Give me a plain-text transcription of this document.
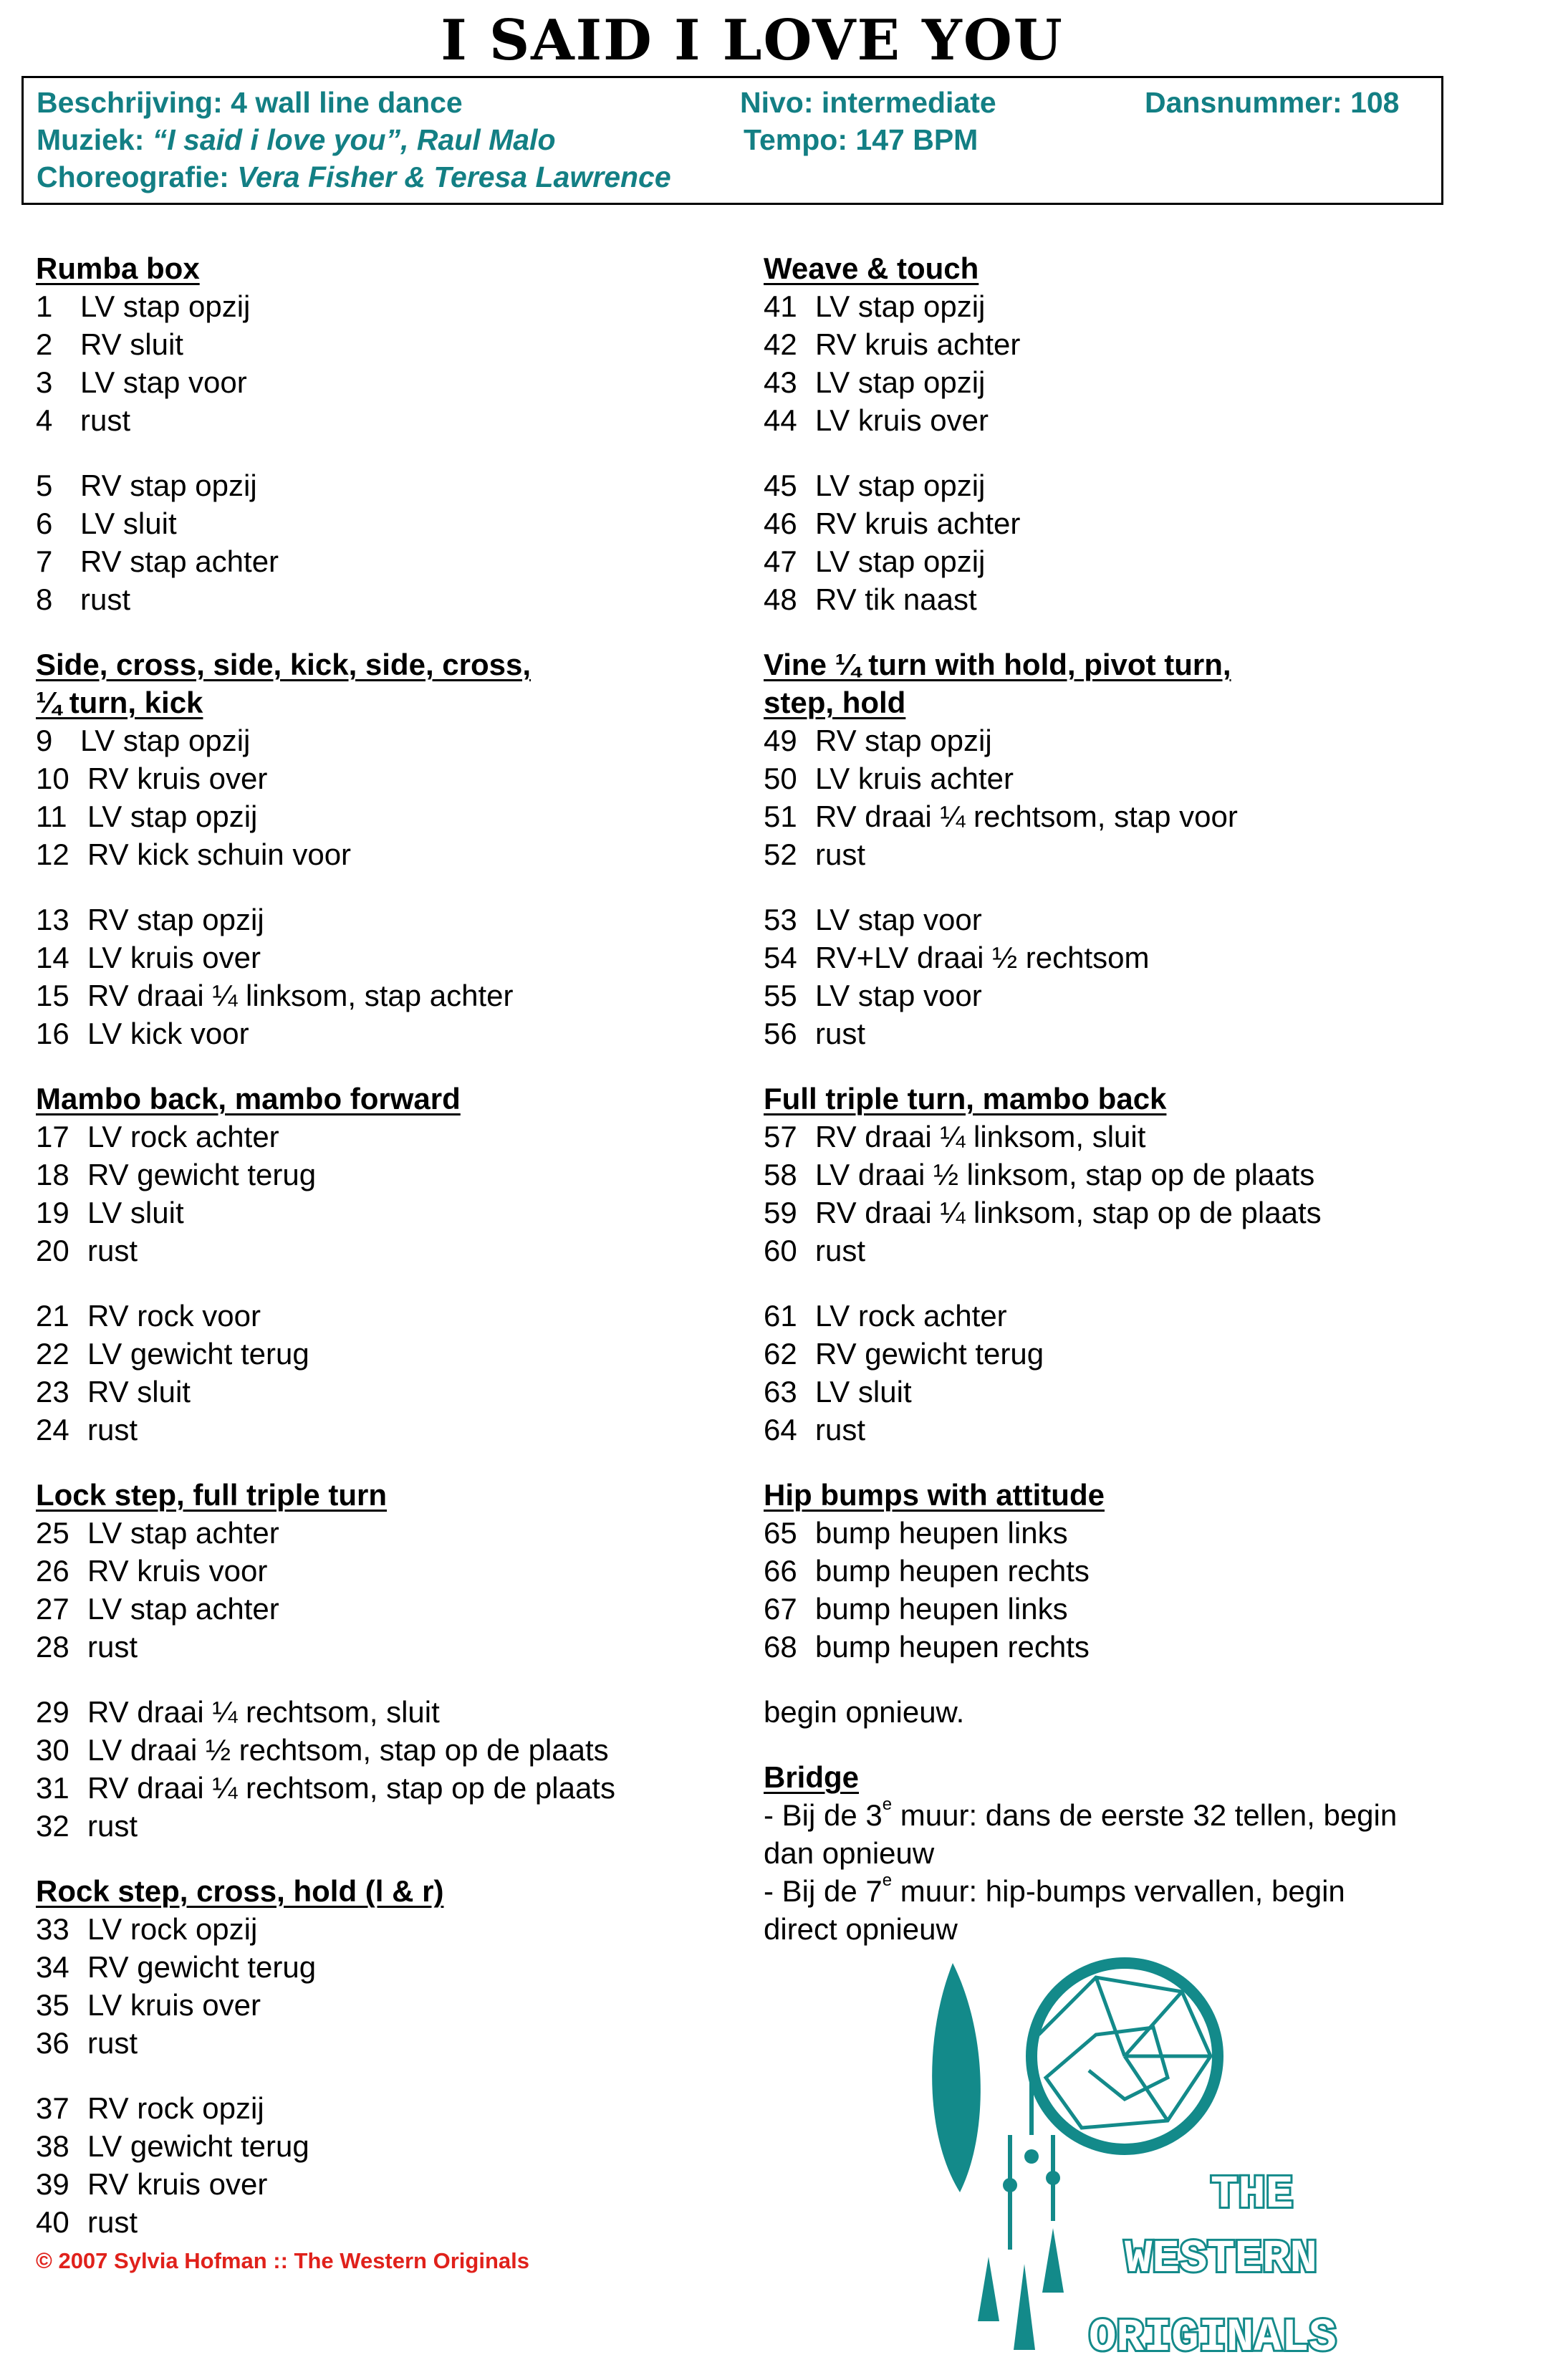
I SAID I LOVE YOU
Beschrijving: 4 wall line dance	Nivo: intermediate	Dansnummer: 108
Muziek: “I said i love you”, Raul Malo	Tempo: 147 BPM
Choreografie: Vera Fisher & Teresa Lawrence
Rumba box
1 LV stap opzij
2 RV sluit
3 LV stap voor
4 rust
5 RV stap opzij
6 LV sluit
7 RV stap achter
8 rust
Side, cross, side, kick, side, cross,
¼ turn, kick
9 LV stap opzij
10 RV kruis over
11 LV stap opzij
12 RV kick schuin voor
13 RV stap opzij
14 LV kruis over
15 RV draai ¼ linksom, stap achter
16 LV kick voor
Mambo back, mambo forward
17 LV rock achter
18 RV gewicht terug
19 LV sluit
20 rust
21 RV rock voor
22 LV gewicht terug
23 RV sluit
24 rust
Lock step, full triple turn
25 LV stap achter
26 RV kruis voor
27 LV stap achter
28 rust
29 RV draai ¼ rechtsom, sluit
30 LV draai ½ rechtsom, stap op de plaats
31 RV draai ¼ rechtsom, stap op de plaats
32 rust
Rock step, cross, hold (l & r)
33 LV rock opzij
34 RV gewicht terug
35 LV kruis over
36 rust
37 RV rock opzij
38 LV gewicht terug
39 RV kruis over
40 rust
Weave & touch
41 LV stap opzij
42 RV kruis achter
43 LV stap opzij
44 LV kruis over
45 LV stap opzij
46 RV kruis achter
47 LV stap opzij
48 RV tik naast
Vine ¼ turn with hold, pivot turn,
step, hold
49 RV stap opzij
50 LV kruis achter
51 RV draai ¼ rechtsom, stap voor
52 rust
53 LV stap voor
54 RV+LV draai ½ rechtsom
55 LV stap voor
56 rust
Full triple turn, mambo back
57 RV draai ¼ linksom, sluit
58 LV draai ½ linksom, stap op de plaats
59 RV draai ¼ linksom, stap op de plaats
60 rust
61 LV rock achter
62 RV gewicht terug
63 LV sluit
64 rust
Hip bumps with attitude
65 bump heupen links
66 bump heupen rechts
67 bump heupen links
68 bump heupen rechts
begin opnieuw.
Bridge
- Bij de 3e muur: dans de eerste 32 tellen, begin
dan opnieuw
- Bij de 7e muur: hip-bumps vervallen, begin
direct opnieuw
© 2007 Sylvia Hofman :: The Western Originals
THE
WESTERN
ORIGINALS
